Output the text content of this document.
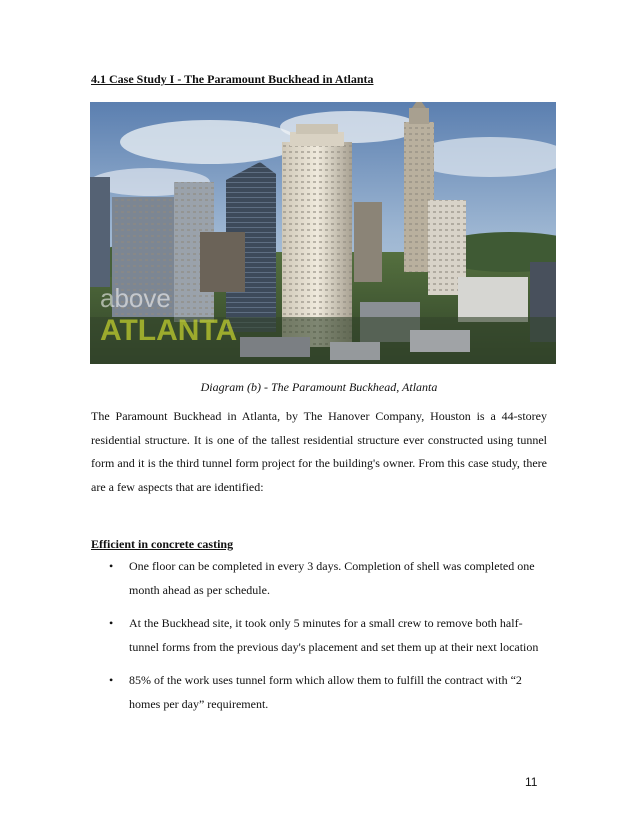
4.1 Case Study I - The Paramount Buckhead in Atlanta
above
ATLANTA
Diagram (b) - The Paramount Buckhead, Atlanta

The Paramount Buckhead in Atlanta, by The Hanover Company, Houston is a 44-storey residential structure. It is one of the tallest residential structure ever constructed using tunnel form and it is the third tunnel form project for the building's owner. From this case study, there are a few aspects that are identified:

Efficient in concrete casting
• One floor can be completed in every 3 days. Completion of shell was completed one month ahead as per schedule.
• At the Buckhead site, it took only 5 minutes for a small crew to remove both half-tunnel forms from the previous day's placement and set them up at their next location
• 85% of the work uses tunnel form which allow them to fulfill the contract with “2 homes per day” requirement.
11
